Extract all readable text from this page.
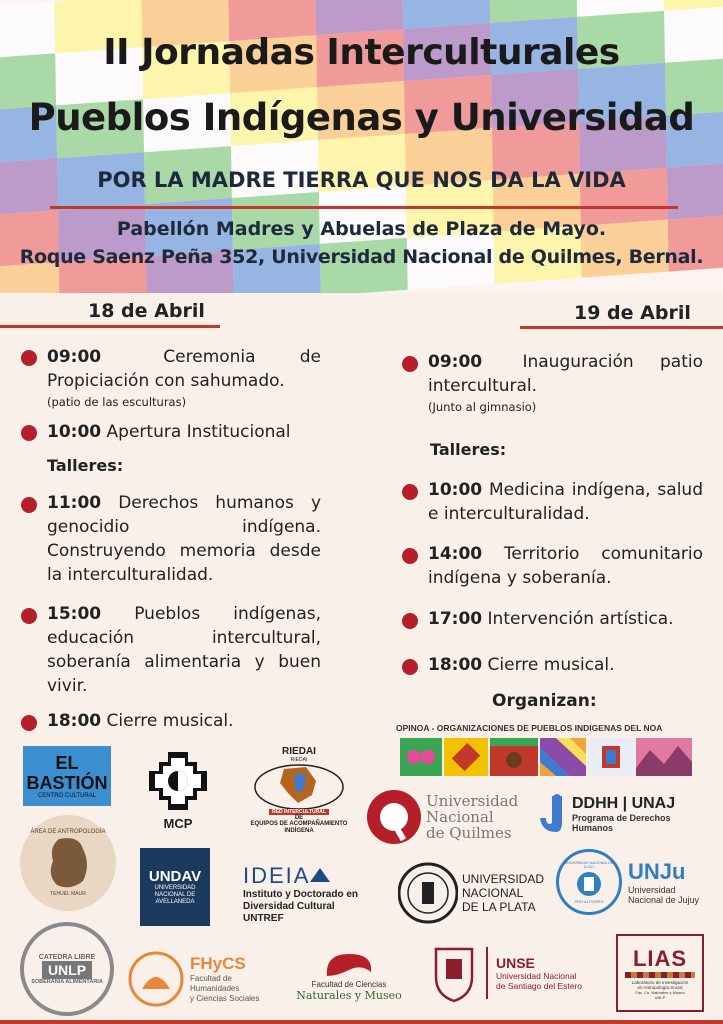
II Jornadas Interculturales
Pueblos Indígenas y Universidad
POR LA MADRE TIERRA QUE NOS DA LA VIDA
Pabellón Madres y Abuelas de Plaza de Mayo.
Roque Saenz Peña 352, Universidad Nacional de Quilmes, Bernal.
18 de Abril	19 de Abril
09:00	Ceremonia de Propiciación con sahumado.
(patio de las esculturas)
10:00 Apertura Institucional
Talleres:
11:00 Derechos humanos y genocidio indígena. Construyendo memoria desde la interculturalidad.
15:00 Pueblos indígenas, educación intercultural, soberanía alimentaria y buen vivir.
18:00 Cierre musical.
09:00 Inauguración patio intercultural.
(Junto al gimnasio)
Talleres:
10:00 Medicina indígena, salud e interculturalidad.
14:00 Territorio comunitario indígena y soberanía.
17:00 Intervención artística.
18:00 Cierre musical.
Organizan:
OPINOA - ORGANIZACIONES DE PUEBLOS INDIGENAS DEL NOA
EL BASTIÓN
CENTRO CULTURAL
MCP
RIEDAI
RIEDAI
RED INTERCULTURAL
DE
EQUIPOS DE ACOMPAÑAMIENTO INDÍGENA
Universidad
Nacional
de Quilmes
DDHH | UNAJ
Programa de Derechos Humanos
ÁREA DE ANTROPOLOGÍA
TEHUEL MAUR
UNDAV
UNIVERSIDAD
NACIONAL DE
AVELLANEDA
IDEIA
Instituto y Doctorado en
Diversidad Cultural
UNTREF
UNIVERSIDAD
NACIONAL
DE LA PLATA
UNIVERSIDAD NACIONAL DE JUJUY
PRO ALTIORES
UNJu
Universidad
Nacional de Jujuy
CATEDRA LIBRE
UNLP
SOBERANIA ALIMENTARIA
FHyCS
Facultad de
Humanidades
y Ciencias Sociales
Facultad de Ciencias
Naturales y Museo
UNSE
Universidad Nacional
de Santiago del Estero
LIAS
Laboratorio de Investigación
en Antropología Social
Fac. Cs. Naturales y Museo
UNLP
